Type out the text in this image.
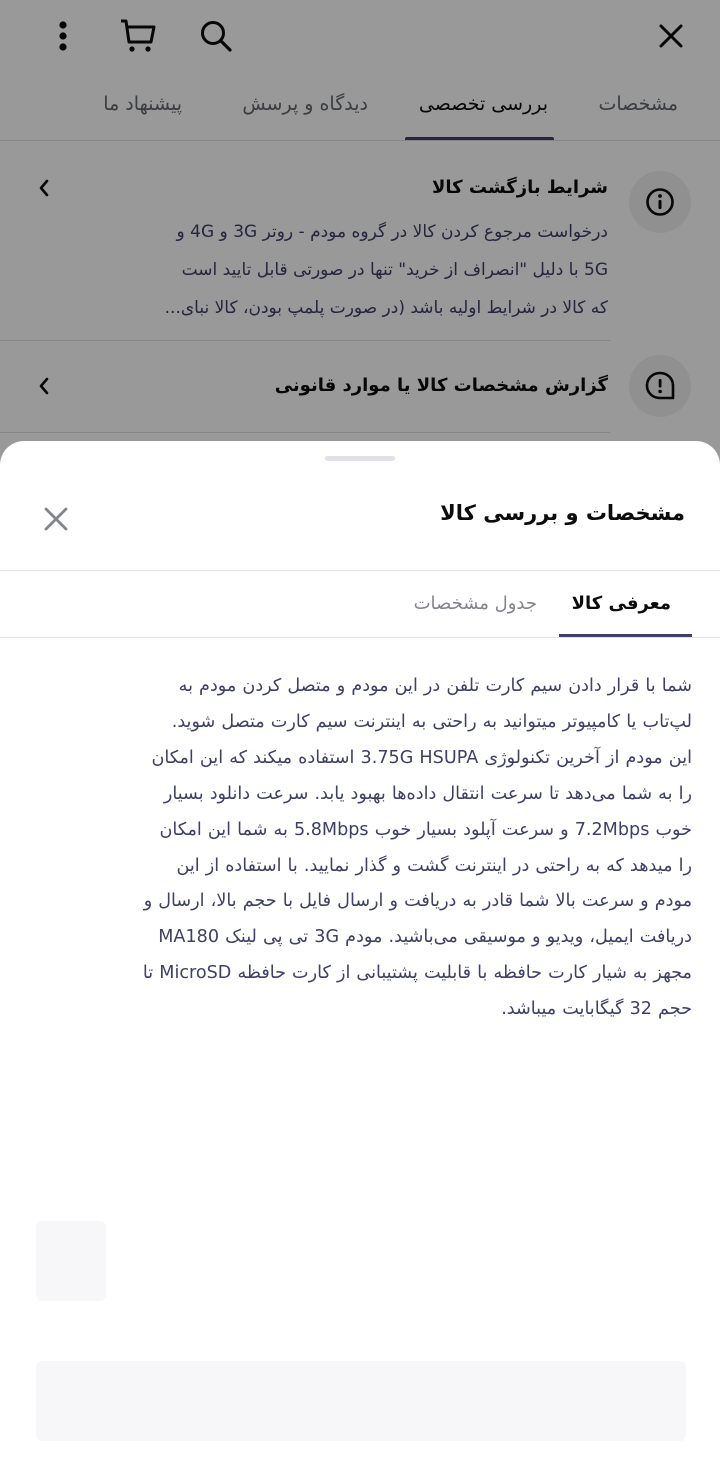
مشخصات
بررسی تخصصی
دیدگاه و پرسش
پیشنهاد ما
شرایط بازگشت کالا
درخواست مرجوع کردن کالا در گروه مودم - روتر 3G و 4G و
5G با دلیل "انصراف از خرید" تنها در صورتی قابل تایید است
که کالا در شرایط اولیه باشد (در صورت پلمپ بودن، کالا نبای...
گزارش مشخصات کالا یا موارد قانونی
مشخصات و بررسی کالا
معرفی کالا
جدول مشخصات
شما با قرار دادن سیم کارت تلفن در این مودم و متصل کردن مودم به
لپ‌تاب یا کامپیوتر میتوانید به راحتی به اینترنت سیم کارت متصل شوید.
این مودم از آخرین تکنولوژی 3.75G HSUPA استفاده میکند که این امکان
را به شما می‌دهد تا سرعت انتقال داده‌ها بهبود یابد. سرعت دانلود بسیار
خوب 7.2Mbps و سرعت آپلود بسیار خوب 5.8Mbps به شما این امکان
را میدهد که به راحتی در اینترنت گشت و گذار نمایید. با استفاده از این
مودم و سرعت بالا شما قادر به دریافت و ارسال فایل با حجم بالا، ارسال و
دریافت ایمیل، ویدیو و موسیقی می‌باشید. مودم 3G تی پی لینک MA180
مجهز به شیار کارت حافظه با قابلیت پشتیبانی از کارت حافظه MicroSD تا
حجم 32 گیگابایت میباشد.
